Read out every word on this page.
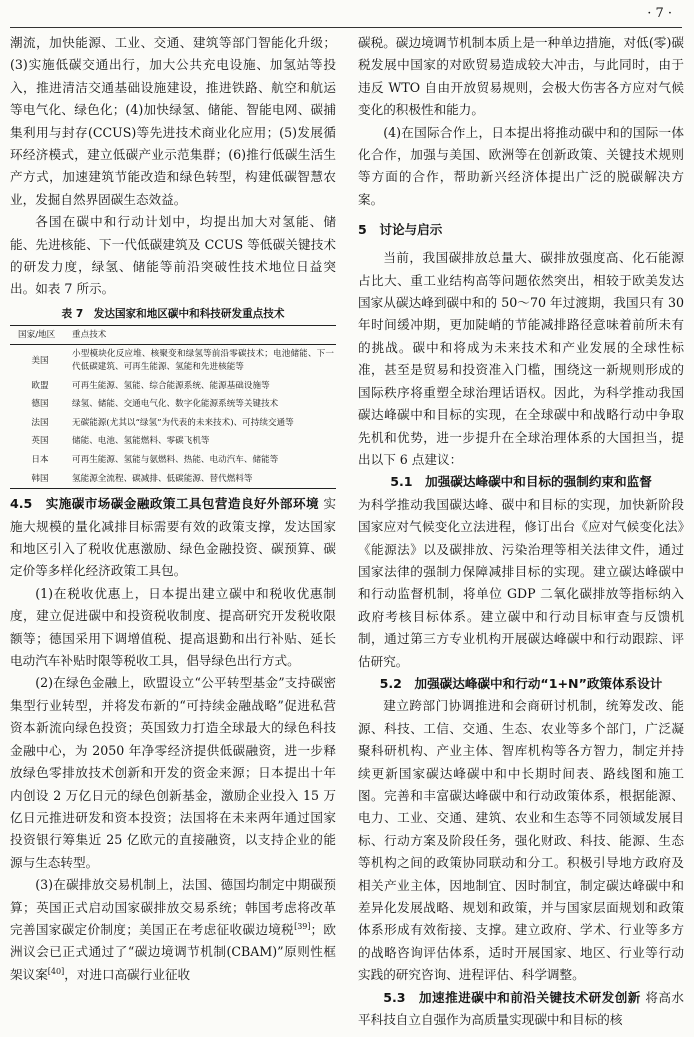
· 7 ·

潮流，加快能源、工业、交通、建筑等部门智能化升级；(3)实施低碳交通出行，加大公共充电设施、加氢站等投入，推进清洁交通基础设施建设，推进铁路、航空和航运等电气化、绿色化；(4)加快绿氢、储能、智能电网、碳捕集利用与封存(CCUS)等先进技术商业化应用；(5)发展循环经济模式，建立低碳产业示范集群；(6)推行低碳生活生产方式，加速建筑节能改造和绿色转型，构建低碳智慧农业，发掘自然界固碳生态效益。

各国在碳中和行动计划中，均提出加大对氢能、储能、先进核能、下一代低碳建筑及 CCUS 等低碳关键技术的研发力度，绿氢、储能等前沿突破性技术地位日益突出。如表 7 所示。

表 7　发达国家和地区碳中和科技研发重点技术
国家/地区	重点技术
美国	小型模块化反应堆、核聚变和绿氢等前沿零碳技术；电池储能、下一代低碳建筑、可再生能源、氢能和先进核能等
欧盟	可再生能源、氢能、综合能源系统、能源基础设施等
德国	绿氢、储能、交通电气化、数字化能源系统等关键技术
法国	无碳能源(尤其以“绿氢”为代表的未来技术)、可持续交通等
英国	储能、电池、氢能燃料、零碳飞机等
日本	可再生能源、氢能与氨燃料、热能、电动汽车、储能等
韩国	氢能源全流程、碳减排、低碳能源、替代燃料等

4.5　实施碳市场碳金融政策工具包营造良好外部环境 实施大规模的量化减排目标需要有效的政策支撑，发达国家和地区引入了税收优惠激励、绿色金融投资、碳预算、碳定价等多样化经济政策工具包。

(1)在税收优惠上，日本提出建立碳中和税收优惠制度，建立促进碳中和投资税收制度、提高研究开发税收限额等；德国采用下调增值税、提高退勤和出行补贴、延长电动汽车补贴时限等税收工具，倡导绿色出行方式。

(2)在绿色金融上，欧盟设立“公平转型基金”支持碳密集型行业转型，并将发布新的“可持续金融战略”促进私营资本新流向绿色投资；英国致力打造全球最大的绿色科技金融中心，为 2050 年净零经济提供低碳融资，进一步释放绿色零排放技术创新和开发的资金来源；日本提出十年内创设 2 万亿日元的绿色创新基金，激励企业投入 15 万亿日元推进研发和资本投资；法国将在未来两年通过国家投资银行筹集近 25 亿欧元的直接融资，以支持企业的能源与生态转型。

(3)在碳排放交易机制上，法国、德国均制定中期碳预算；英国正式启动国家碳排放交易系统；韩国考虑将改革完善国家碳定价制度；美国正在考虑征收碳边境税[39]；欧洲议会已正式通过了“碳边境调节机制(CBAM)”原则性框架议案[40]，对进口高碳行业征收

碳税。碳边境调节机制本质上是一种单边措施，对低(零)碳税发展中国家的对欧贸易造成较大冲击，与此同时，由于违反 WTO 自由开放贸易规则，会极大伤害各方应对气候变化的积极性和能力。

(4)在国际合作上，日本提出将推动碳中和的国际一体化合作，加强与美国、欧洲等在创新政策、关键技术规则等方面的合作，帮助新兴经济体提出广泛的脱碳解决方案。

5　讨论与启示

当前，我国碳排放总量大、碳排放强度高、化石能源占比大、重工业结构高等问题依然突出，相较于欧美发达国家从碳达峰到碳中和的 50～70 年过渡期，我国只有 30 年时间缓冲期，更加陡峭的节能减排路径意味着前所未有的挑战。碳中和将成为未来技术和产业发展的全球性标准，甚至是贸易和投资准入门槛，围绕这一新规则形成的国际秩序将重塑全球治理话语权。因此，为科学推动我国碳达峰碳中和目标的实现，在全球碳中和战略行动中争取先机和优势，进一步提升在全球治理体系的大国担当，提出以下 6 点建议：

5.1　加强碳达峰碳中和目标的强制约束和监督

为科学推动我国碳达峰、碳中和目标的实现，加快新阶段国家应对气候变化立法进程，修订出台《应对气候变化法》《能源法》以及碳排放、污染治理等相关法律文件，通过国家法律的强制力保障减排目标的实现。建立碳达峰碳中和行动监督机制，将单位 GDP 二氧化碳排放等指标纳入政府考核目标体系。建立碳中和行动目标审查与反馈机制，通过第三方专业机构开展碳达峰碳中和行动跟踪、评估研究。

5.2　加强碳达峰碳中和行动“1+N”政策体系设计

建立跨部门协调推进和会商研讨机制，统筹发改、能源、科技、工信、交通、生态、农业等多个部门，广泛凝聚科研机构、产业主体、智库机构等各方智力，制定并持续更新国家碳达峰碳中和中长期时间表、路线图和施工图。完善和丰富碳达峰碳中和行动政策体系，根据能源、电力、工业、交通、建筑、农业和生态等不同领域发展目标、行动方案及阶段任务，强化财政、科技、能源、生态等机构之间的政策协同联动和分工。积极引导地方政府及相关产业主体，因地制宜、因时制宜，制定碳达峰碳中和差异化发展战略、规划和政策，并与国家层面规划和政策体系形成有效衔接、支撑。建立政府、学术、行业等多方的战略咨询评估体系，适时开展国家、地区、行业等行动实践的研究咨询、进程评估、科学调整。

5.3　加速推进碳中和前沿关键技术研发创新 将高水平科技自立自强作为高质量实现碳中和目标的核
